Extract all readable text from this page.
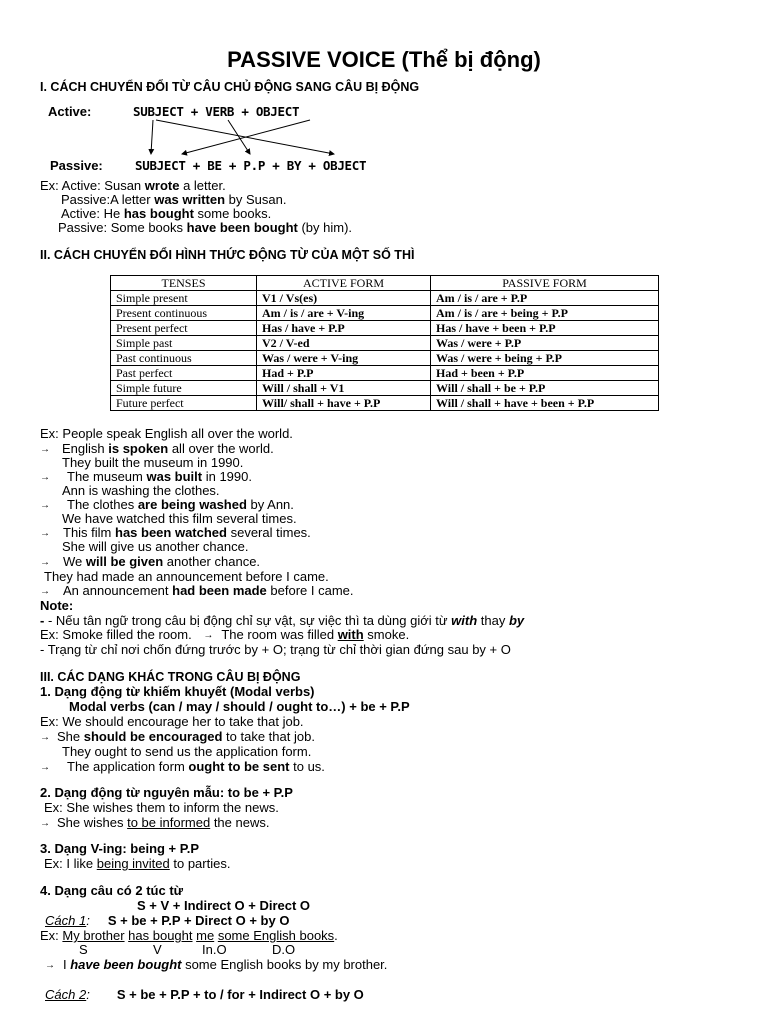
PASSIVE VOICE (Thể bị động)
I. CÁCH CHUYỂN ĐỔI TỪ CÂU CHỦ ĐỘNG SANG CÂU BỊ ĐỘNG
Active:	SUBJECT + VERB + OBJECT
Passive:	SUBJECT + BE + P.P + BY + OBJECT
Ex: Active: Susan wrote a letter.
Passive:A letter was written by Susan.
Active: He has bought some books.
Passive: Some books have been bought (by him).
II. CÁCH CHUYỂN ĐỔI HÌNH THỨC ĐỘNG TỪ CỦA MỘT SỐ THÌ
TENSES	ACTIVE FORM	PASSIVE FORM
Simple present	V1 / Vs(es)	Am / is / are + P.P
Present continuous	Am / is / are + V-ing	Am / is / are + being + P.P
Present perfect	Has / have + P.P	Has / have + been + P.P
Simple past	V2 / V-ed	Was / were + P.P
Past continuous	Was / were + V-ing	Was / were + being + P.P
Past perfect	Had + P.P	Had + been + P.P
Simple future	Will / shall + V1	Will / shall + be + P.P
Future perfect	Will/ shall + have + P.P	Will / shall + have + been + P.P
Ex: People speak English all over the world.
→ English is spoken all over the world.
They built the museum in 1990.
→ The museum was built in 1990.
Ann is washing the clothes.
→ The clothes are being washed by Ann.
We have watched this film several times.
→ This film has been watched several times.
She will give us another chance.
→ We will be given another chance.
They had made an announcement before I came.
→ An announcement had been made before I came.
Note:
- - Nếu tân ngữ trong câu bị động chỉ sự vật, sự việc thì ta dùng giới từ with thay by
Ex: Smoke filled the room. → The room was filled with smoke.
- Trạng từ chỉ nơi chốn đứng trước by + O; trạng từ chỉ thời gian đứng sau by + O
III. CÁC DẠNG KHÁC TRONG CÂU BỊ ĐỘNG
1. Dạng động từ khiếm khuyết (Modal verbs)
Modal verbs (can / may / should / ought to…) + be + P.P
Ex: We should encourage her to take that job.
→ She should be encouraged to take that job.
They ought to send us the application form.
→ The application form ought to be sent to us.
2. Dạng động từ nguyên mẫu: to be + P.P
Ex: She wishes them to inform the news.
→ She wishes to be informed the news.
3. Dạng V-ing: being + P.P
Ex: I like being invited to parties.
4. Dạng câu có 2 túc từ
S + V + Indirect O + Direct O
Cách 1: S + be + P.P + Direct O + by O
Ex: My brother has bought me some English books.
S	V	In.O	D.O
→ I have been bought some English books by my brother.
Cách 2: S + be + P.P + to / for + Indirect O + by O
